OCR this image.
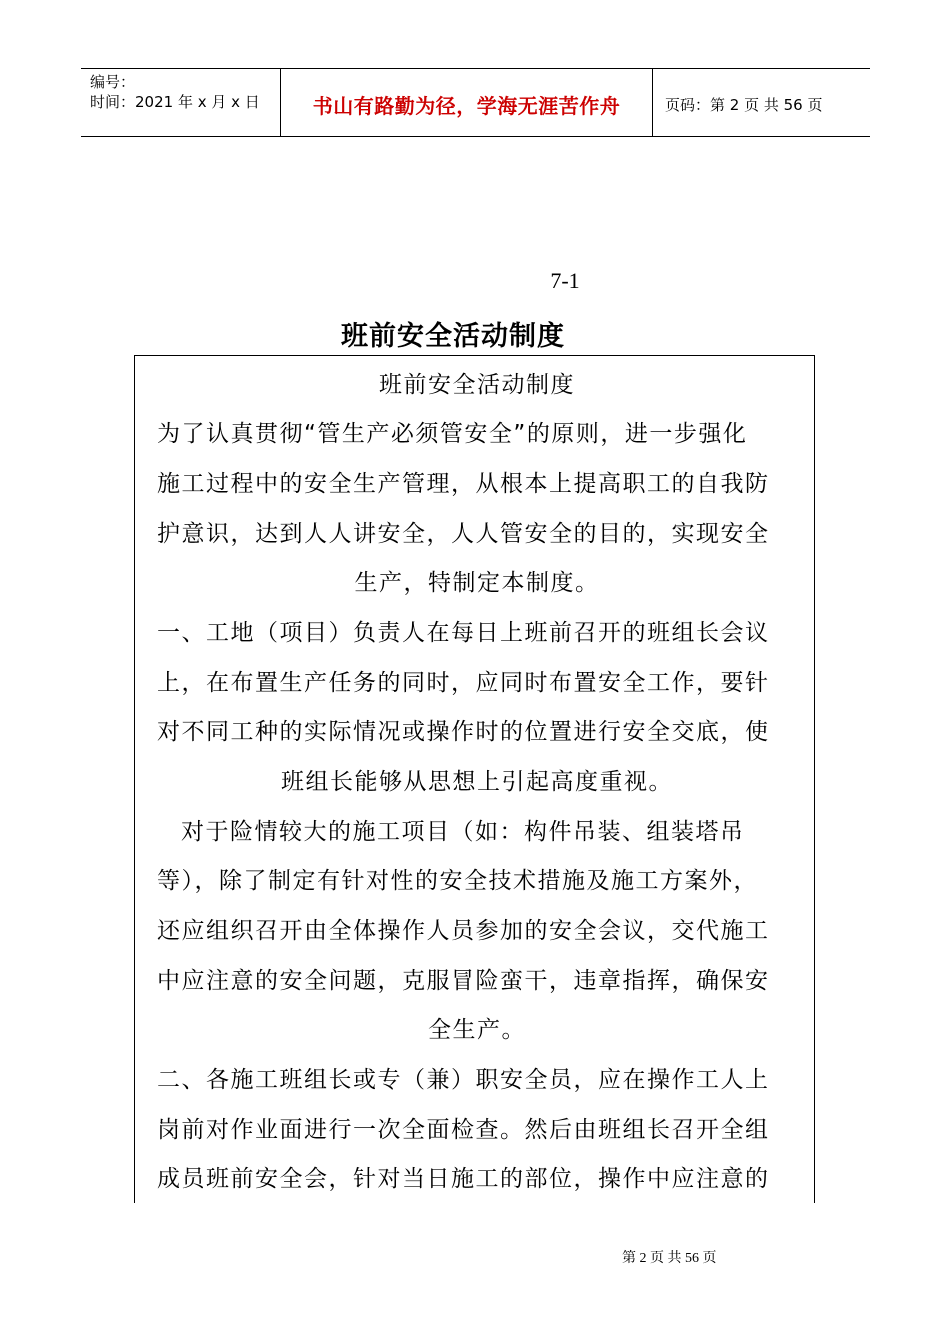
编号：
时间：2021 年 x 月 x 日	书山有路勤为径，学海无涯苦作舟	页码：第 2 页 共 56 页
7-1
班前安全活动制度
班前安全活动制度
为了认真贯彻“管生产必须管安全”的原则，进一步强化
施工过程中的安全生产管理，从根本上提高职工的自我防
护意识，达到人人讲安全，人人管安全的目的，实现安全
生产，特制定本制度。
一、工地（项目）负责人在每日上班前召开的班组长会议
上，在布置生产任务的同时，应同时布置安全工作，要针
对不同工种的实际情况或操作时的位置进行安全交底，使
班组长能够从思想上引起高度重视。
对于险情较大的施工项目（如：构件吊装、组装塔吊
等），除了制定有针对性的安全技术措施及施工方案外，
还应组织召开由全体操作人员参加的安全会议，交代施工
中应注意的安全问题，克服冒险蛮干，违章指挥，确保安
全生产。
二、各施工班组长或专（兼）职安全员，应在操作工人上
岗前对作业面进行一次全面检查。然后由班组长召开全组
成员班前安全会，针对当日施工的部位，操作中应注意的
第 2 页 共 56 页
